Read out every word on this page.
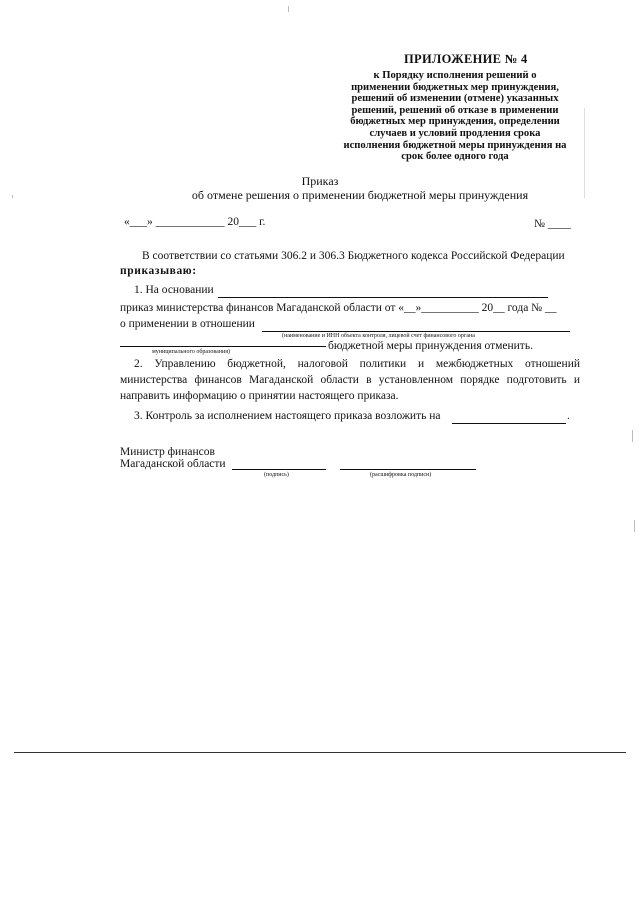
ПРИЛОЖЕНИЕ № 4
к Порядку исполнения решений о
применении бюджетных мер принуждения,
решений об изменении (отмене) указанных
решений, решений об отказе в применении
бюджетных мер принуждения, определении
случаев и условий продления срока
исполнения бюджетной меры принуждения на
срок более одного года
Приказ
об отмене решения о применении бюджетной меры принуждения
«___» ____________ 20___ г.	№ ____
В соответствии со статьями 306.2 и 306.3 Бюджетного кодекса Российской Федерации
приказываю:
1. На основании
приказ министерства финансов Магаданской области от «__»__________ 20__ года № __
о применении в отношении
(наименование и ИНН объекта контроля, лицевой счет финансового органа
бюджетной меры принуждения отменить.
муниципального образования)
2. Управлению бюджетной, налоговой политики и межбюджетных отношений
министерства финансов Магаданской области в установленном порядке подготовить и
направить информацию о принятии настоящего приказа.
3. Контроль за исполнением настоящего приказа возложить на	.
Министр финансов
Магаданской области
(подпись)	(расшифровка подписи)
